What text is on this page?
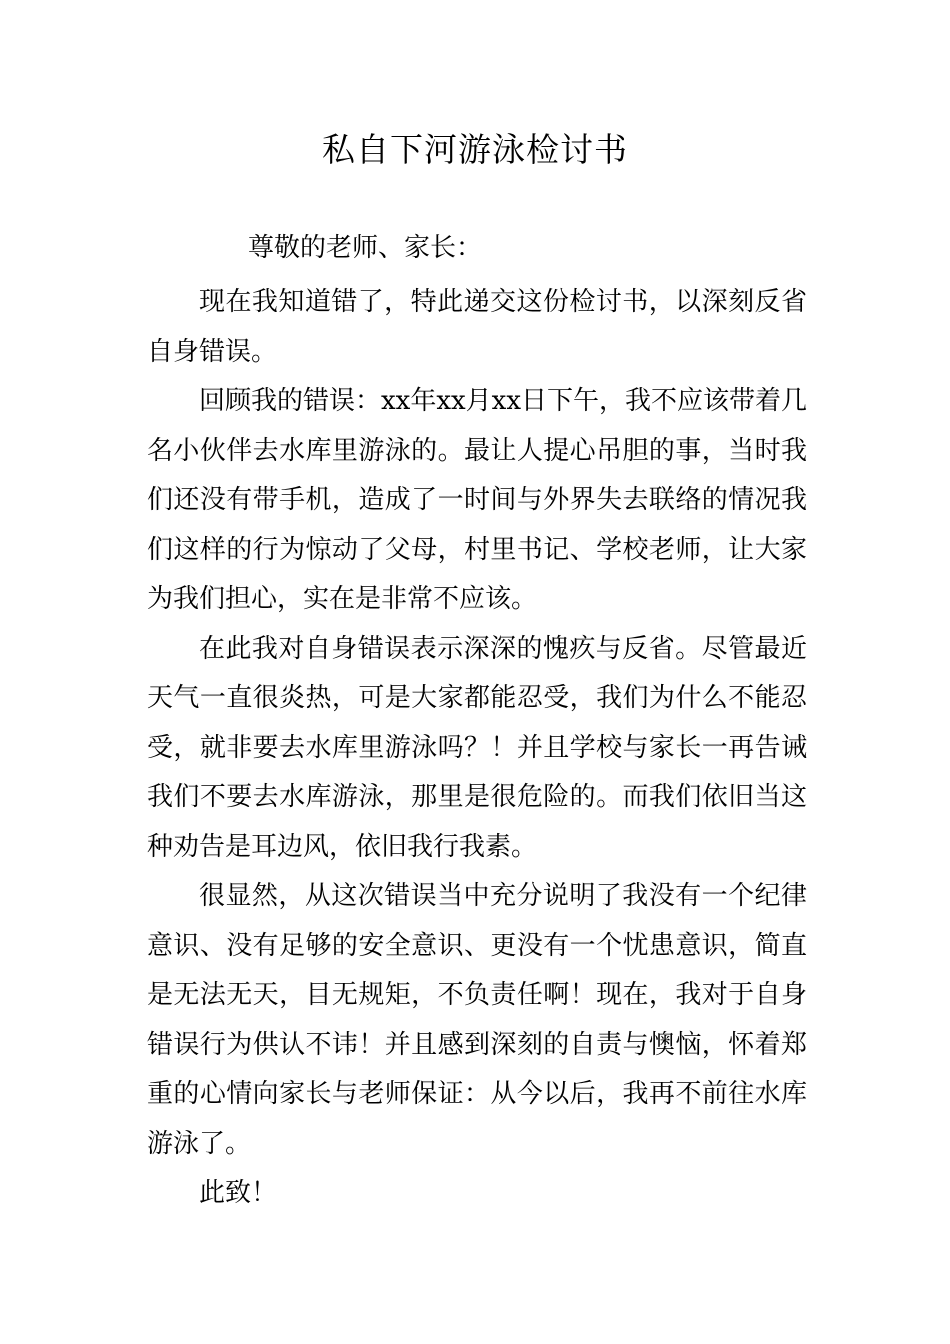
私自下河游泳检讨书
尊敬的老师、家长：

现在我知道错了，特此递交这份检讨书，以深刻反省自身错误。

回顾我的错误：xx年xx月xx日下午，我不应该带着几名小伙伴去水库里游泳的。最让人提心吊胆的事，当时我们还没有带手机，造成了一时间与外界失去联络的情况我们这样的行为惊动了父母，村里书记、学校老师，让大家为我们担心，实在是非常不应该。

在此我对自身错误表示深深的愧疚与反省。尽管最近天气一直很炎热，可是大家都能忍受，我们为什么不能忍受，就非要去水库里游泳吗？！并且学校与家长一再告诫我们不要去水库游泳，那里是很危险的。而我们依旧当这种劝告是耳边风，依旧我行我素。

很显然，从这次错误当中充分说明了我没有一个纪律意识、没有足够的安全意识、更没有一个忧患意识，简直是无法无天，目无规矩，不负责任啊！现在，我对于自身错误行为供认不讳！并且感到深刻的自责与懊恼，怀着郑重的心情向家长与老师保证：从今以后，我再不前往水库游泳了。

此致！
